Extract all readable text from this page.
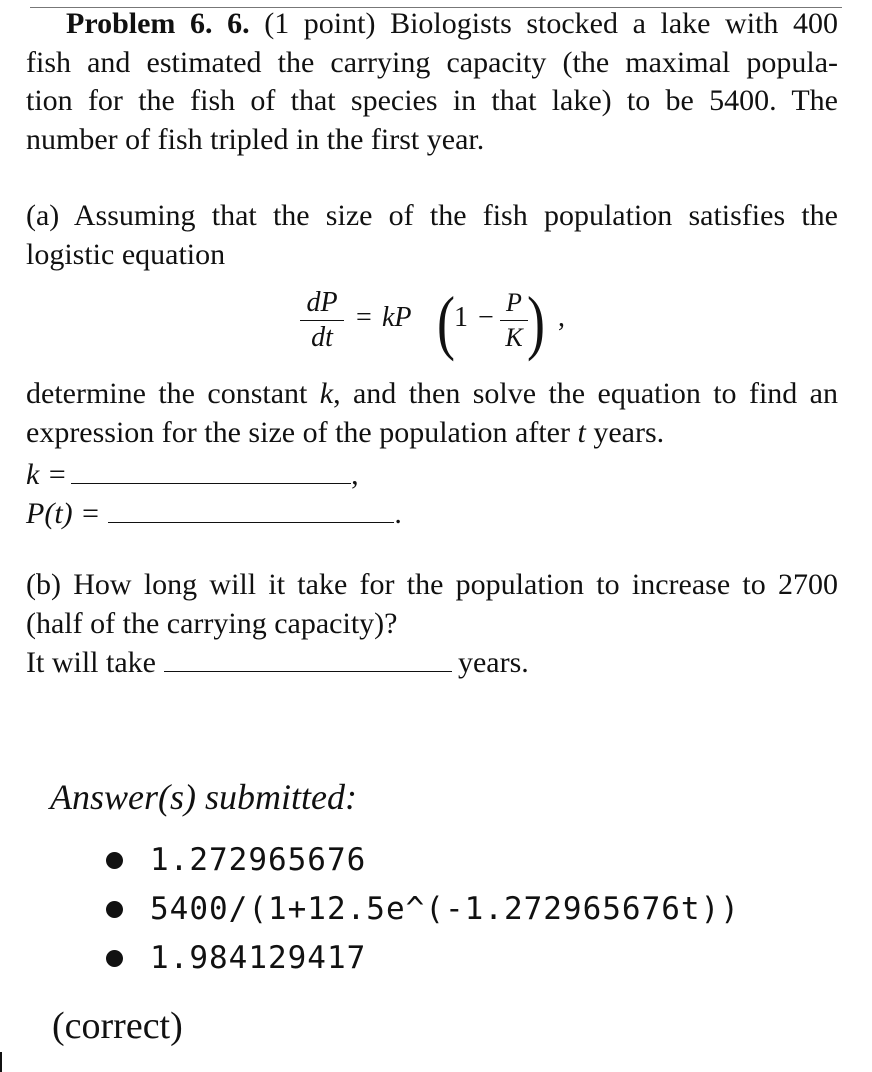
Problem 6. 6. (1 point) Biologists stocked a lake with 400
fish and estimated the carrying capacity (the maximal popula-
tion for the fish of that species in that lake) to be 5400. The
number of fish tripled in the first year.
(a) Assuming that the size of the fish population satisfies the
logistic equation
dP
dt
= kP ( 1 − P
K ) ,
determine the constant k, and then solve the equation to find an
expression for the size of the population after t years.
k =	,
P(t) =	.
(b) How long will it take for the population to increase to 2700
(half of the carrying capacity)?
It will take	years.
Answer(s) submitted:
1.272965676
5400/(1+12.5e^(-1.272965676t))
1.984129417
(correct)
